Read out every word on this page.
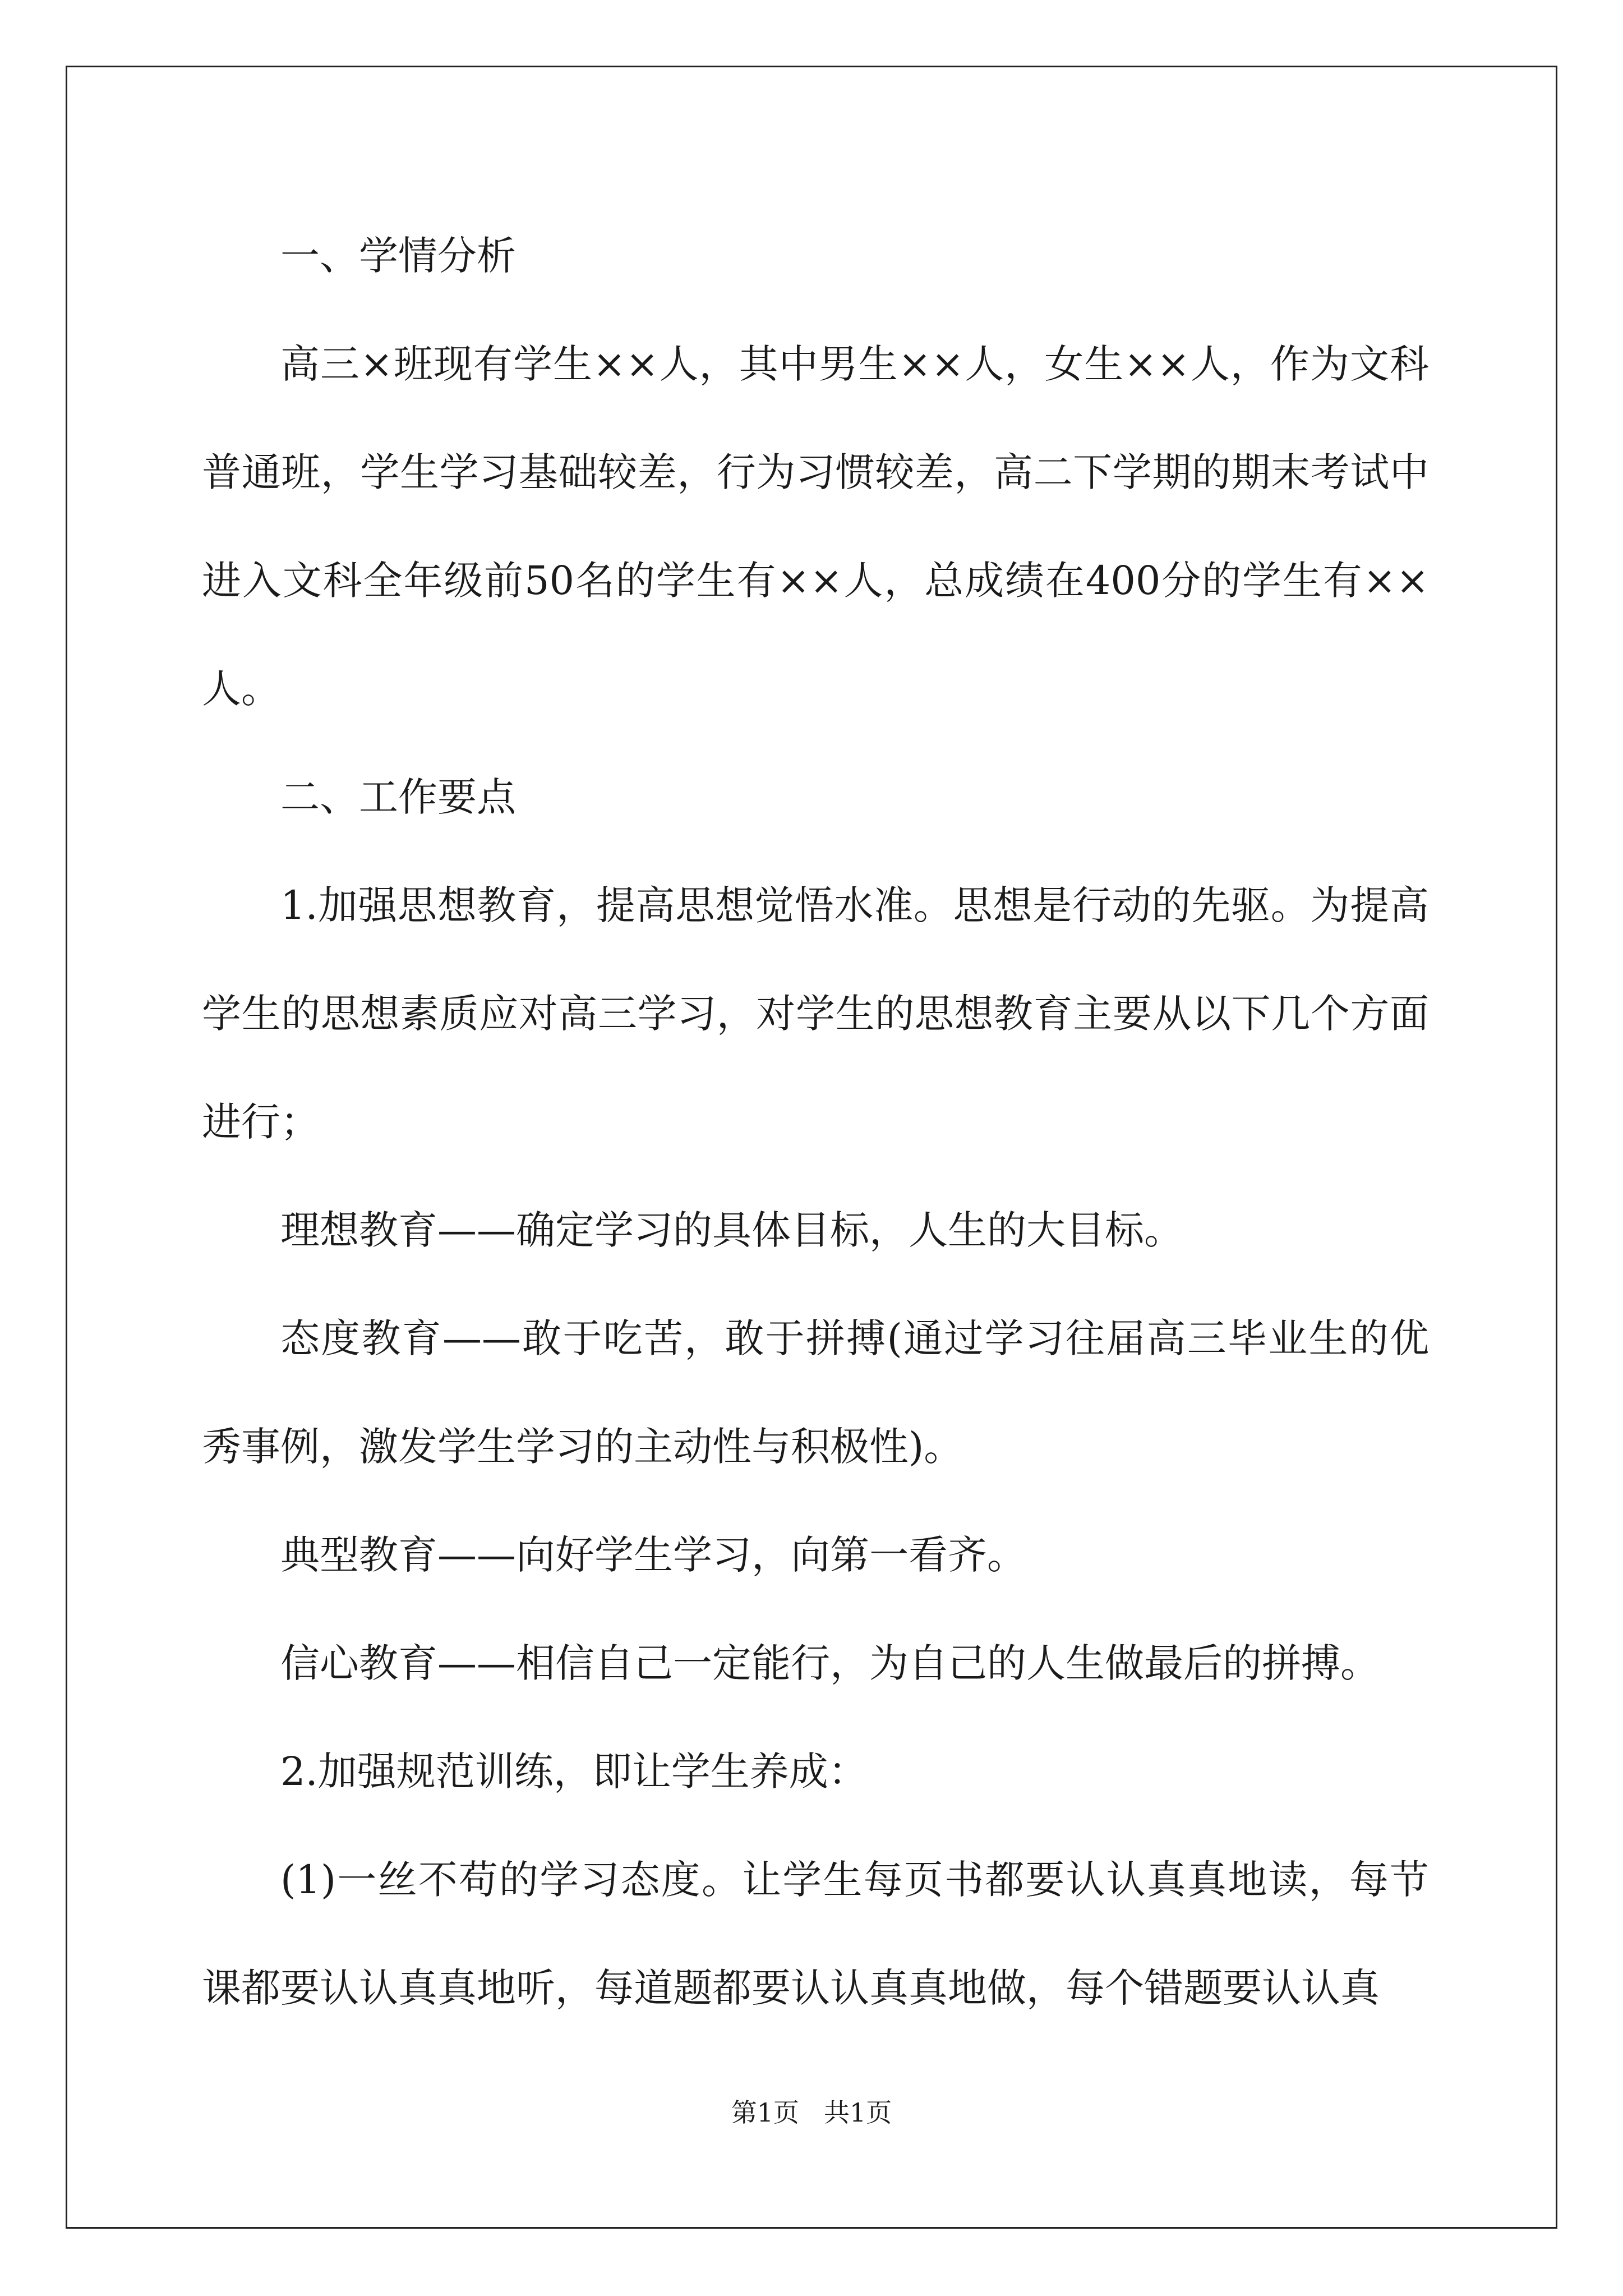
一、学情分析

高三×班现有学生××人，其中男生××人，女生××人，作为文科普通班，学生学习基础较差，行为习惯较差，高二下学期的期末考试中进入文科全年级前50名的学生有××人，总成绩在400分的学生有××人。

二、工作要点

1.加强思想教育，提高思想觉悟水准。思想是行动的先驱。为提高学生的思想素质应对高三学习，对学生的思想教育主要从以下几个方面进行；

理想教育——确定学习的具体目标，人生的大目标。

态度教育——敢于吃苦，敢于拼搏(通过学习往届高三毕业生的优秀事例，激发学生学习的主动性与积极性)。

典型教育——向好学生学习，向第一看齐。

信心教育——相信自己一定能行，为自己的人生做最后的拼搏。

2.加强规范训练，即让学生养成：

(1)一丝不苟的学习态度。让学生每页书都要认认真真地读，每节课都要认认真真地听，每道题都要认认真真地做，每个错题要认认真

第1页 共1页
